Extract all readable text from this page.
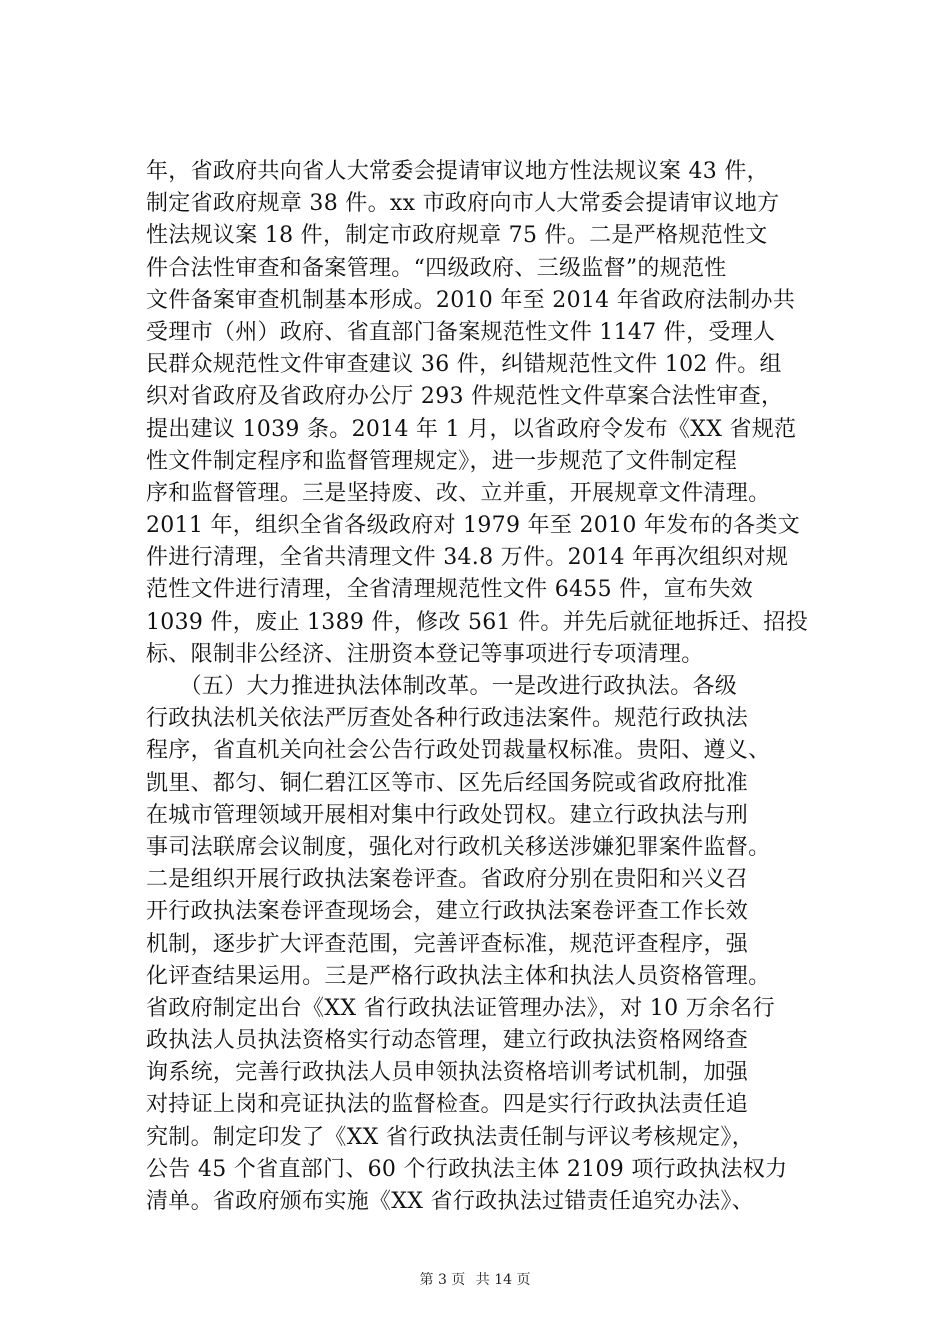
年，省政府共向省人大常委会提请审议地方性法规议案 43 件，
制定省政府规章 38 件。xx 市政府向市人大常委会提请审议地方
性法规议案 18 件，制定市政府规章 75 件。二是严格规范性文
件合法性审查和备案管理。“四级政府、三级监督”的规范性
文件备案审查机制基本形成。2010 年至 2014 年省政府法制办共
受理市（州）政府、省直部门备案规范性文件 1147 件，受理人
民群众规范性文件审查建议 36 件，纠错规范性文件 102 件。组
织对省政府及省政府办公厅 293 件规范性文件草案合法性审查，
提出建议 1039 条。2014 年 1 月，以省政府令发布《XX 省规范
性文件制定程序和监督管理规定》，进一步规范了文件制定程
序和监督管理。三是坚持废、改、立并重，开展规章文件清理。
2011 年，组织全省各级政府对 1979 年至 2010 年发布的各类文
件进行清理，全省共清理文件 34.8 万件。2014 年再次组织对规
范性文件进行清理，全省清理规范性文件 6455 件，宣布失效
1039 件，废止 1389 件，修改 561 件。并先后就征地拆迁、招投
标、限制非公经济、注册资本登记等事项进行专项清理。
　　（五）大力推进执法体制改革。一是改进行政执法。各级
行政执法机关依法严厉查处各种行政违法案件。规范行政执法
程序，省直机关向社会公告行政处罚裁量权标准。贵阳、遵义、
凯里、都匀、铜仁碧江区等市、区先后经国务院或省政府批准
在城市管理领域开展相对集中行政处罚权。建立行政执法与刑
事司法联席会议制度，强化对行政机关移送涉嫌犯罪案件监督。
二是组织开展行政执法案卷评查。省政府分别在贵阳和兴义召
开行政执法案卷评查现场会，建立行政执法案卷评查工作长效
机制，逐步扩大评查范围，完善评查标准，规范评查程序，强
化评查结果运用。三是严格行政执法主体和执法人员资格管理。
省政府制定出台《XX 省行政执法证管理办法》，对 10 万余名行
政执法人员执法资格实行动态管理，建立行政执法资格网络查
询系统，完善行政执法人员申领执法资格培训考试机制，加强
对持证上岗和亮证执法的监督检查。四是实行行政执法责任追
究制。制定印发了《XX 省行政执法责任制与评议考核规定》，
公告 45 个省直部门、60 个行政执法主体 2109 项行政执法权力
清单。省政府颁布实施《XX 省行政执法过错责任追究办法》、
第 3 页 共 14 页
